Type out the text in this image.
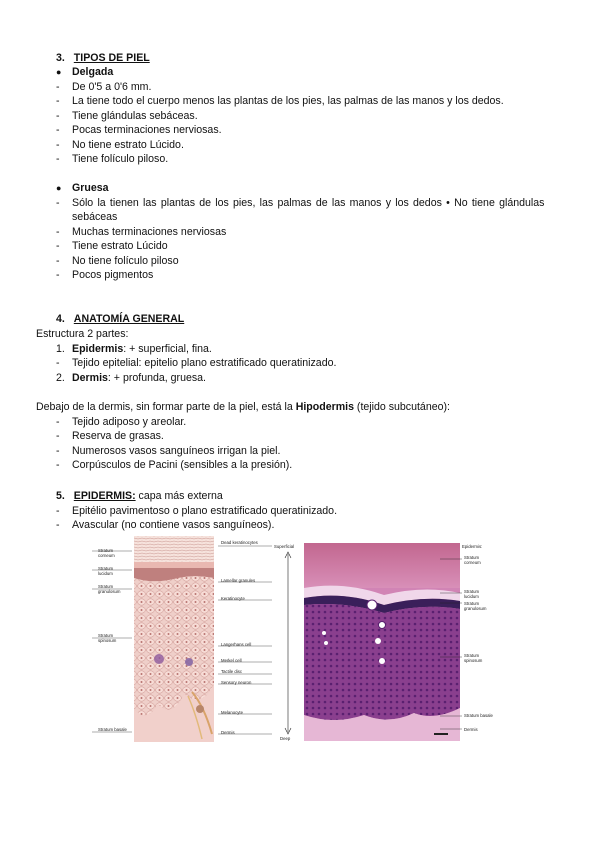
3. TIPOS DE PIEL
● Delgada
- De 0'5 a 0'6 mm.
- La tiene todo el cuerpo menos las plantas de los pies, las palmas de las manos y los dedos.
- Tiene glándulas sebáceas.
- Pocas terminaciones nerviosas.
- No tiene estrato Lúcido.
- Tiene folículo piloso.
● Gruesa
- Sólo la tienen las plantas de los pies, las palmas de las manos y los dedos • No tiene glándulas
sebáceas
- Muchas terminaciones nerviosas
- Tiene estrato Lúcido
- No tiene folículo piloso
- Pocos pigmentos
4. ANATOMÍA GENERAL
Estructura 2 partes:
1. Epidermis: + superficial, fina.
- Tejido epitelial: epitelio plano estratificado queratinizado.
2. Dermis: + profunda, gruesa.
Debajo de la dermis, sin formar parte de la piel, está la Hipodermis (tejido subcutáneo):
- Tejido adiposo y areolar.
- Reserva de grasas.
- Numerosos vasos sanguíneos irrigan la piel.
- Corpúsculos de Pacini (sensibles a la presión).
5. EPIDERMIS: capa más externa
- Epitélio pavimentoso o plano estratificado queratinizado.
- Avascular (no contiene vasos sanguíneos).
Stratum corneum
Stratum lucidum
Stratum granulosum
Stratum spinosum
Stratum basale
Dead keratinocytes
Lamellar granules
Keratinocyte
Langerhans cell
Merkel cell
Tactile disc
Sensory neuron
Melanocyte
Dermis
Superficial
Deep
Epidermis:
Stratum corneum
Stratum lucidum
Stratum granulosum
Stratum spinosum
Stratum basale
Dermis
